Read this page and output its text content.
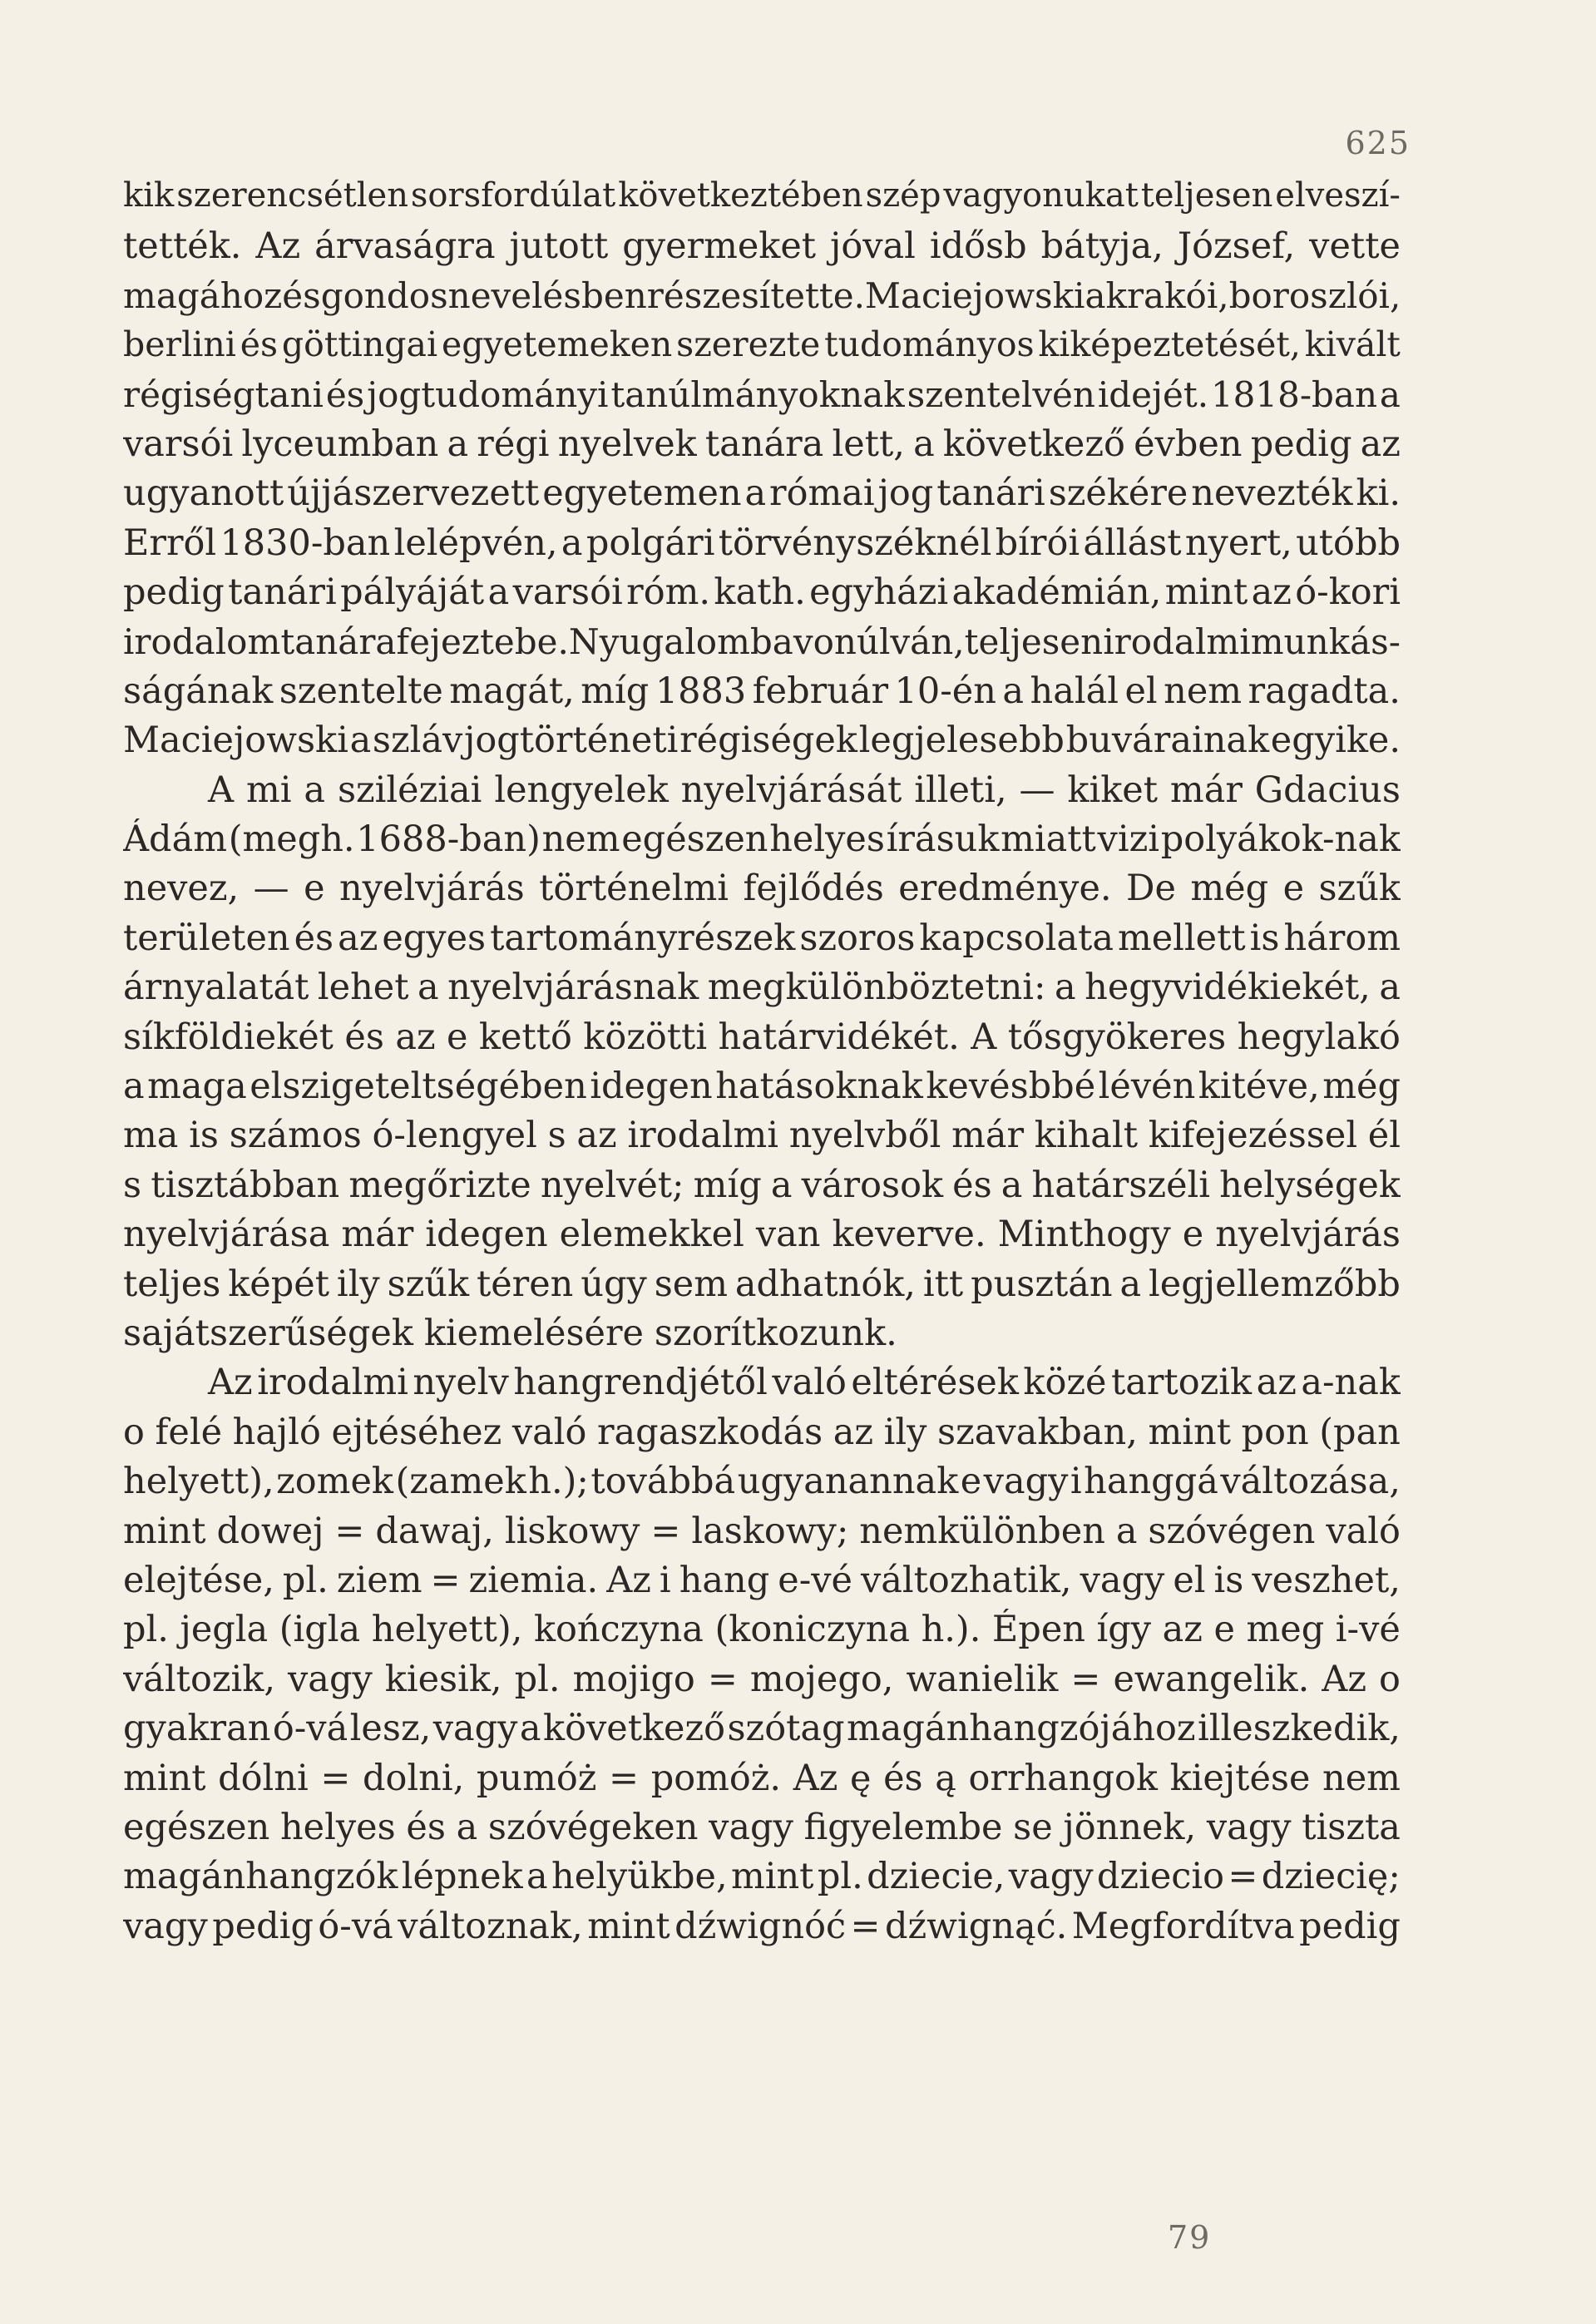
625
kik szerencsétlen sorsfordúlat következtében szép vagyonukat teljesen elveszí-
tették. Az árvaságra jutott gyermeket jóval idősb bátyja, József, vette
magához és gondos nevelésben részesítette. Maciejowski a krakói, boroszlói,
berlini és göttingai egyetemeken szerezte tudományos kiképeztetését, kivált
régiségtani és jogtudományi tanúlmányoknak szentelvén idejét. 1818-ban a
varsói lyceumban a régi nyelvek tanára lett, a következő évben pedig az
ugyanott újjászervezett egyetemen a római jog tanári székére nevezték ki.
Erről 1830-ban lelépvén, a polgári törvényszéknél bírói állást nyert, utóbb
pedig tanári pályáját a varsói róm. kath. egyházi akadémián, mint az ó-kori
irodalom tanára fejezte be. Nyugalomba vonúlván, teljesen irodalmi munkás-
ságának szentelte magát, míg 1883 február 10-én a halál el nem ragadta.
Maciejowski a szláv jogtörténeti régiségek legjelesebb buvárainak egyike.
A mi a sziléziai lengyelek nyelvjárását illeti, — kiket már Gdacius
Ádám (megh. 1688-ban) nem egészen helyes írásuk miatt vizi polyákok-nak
nevez, — e nyelvjárás történelmi fejlődés eredménye. De még e szűk
területen és az egyes tartományrészek szoros kapcsolata mellett is három
árnyalatát lehet a nyelvjárásnak megkülönböztetni: a hegyvidékiekét, a
síkföldiekét és az e kettő közötti határvidékét. A tősgyökeres hegylakó
a maga elszigeteltségében idegen hatásoknak kevésbbé lévén kitéve, még
ma is számos ó-lengyel s az irodalmi nyelvből már kihalt kifejezéssel él
s tisztábban megőrizte nyelvét; míg a városok és a határszéli helységek
nyelvjárása már idegen elemekkel van keverve. Minthogy e nyelvjárás
teljes képét ily szűk téren úgy sem adhatnók, itt pusztán a legjellemzőbb
sajátszerűségek kiemelésére szorítkozunk.
Az irodalmi nyelv hangrendjétől való eltérések közé tartozik az a-nak
o felé hajló ejtéséhez való ragaszkodás az ily szavakban, mint pon (pan
helyett), zomek (zamek h.); továbbá ugyanannak e vagy i hanggá változása,
mint dowej = dawaj, liskowy = laskowy; nemkülönben a szóvégen való
elejtése, pl. ziem = ziemia. Az i hang e-vé változhatik, vagy el is veszhet,
pl. jegla (igla helyett), kończyna (koniczyna h.). Épen így az e meg i-vé
változik, vagy kiesik, pl. mojigo = mojego, wanielik = ewangelik. Az o
gyakran ó-vá lesz, vagy a következő szótag magánhangzójához illeszkedik,
mint dólni = dolni, pumóż = pomóż. Az ę és ą orrhangok kiejtése nem
egészen helyes és a szóvégeken vagy figyelembe se jönnek, vagy tiszta
magánhangzók lépnek a helyükbe, mint pl. dziecie, vagy dziecio = dziecię;
vagy pedig ó-vá változnak, mint dźwignóć = dźwignąć. Megfordítva pedig
79
